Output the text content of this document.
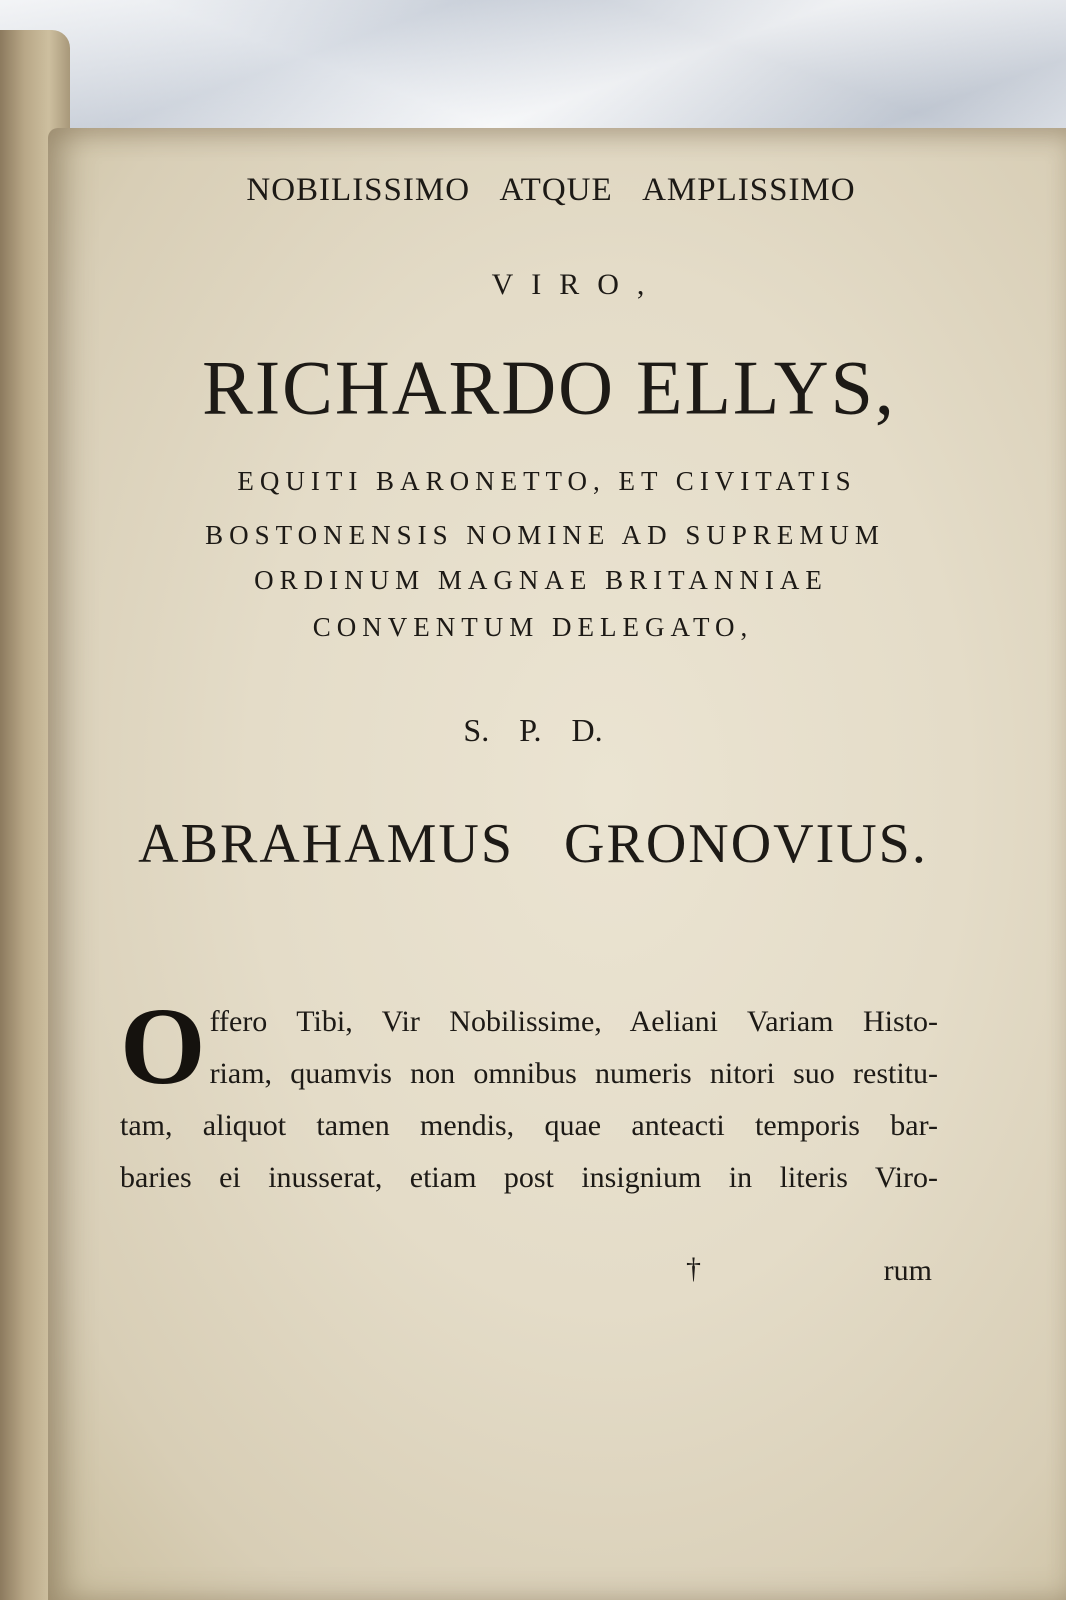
NOBILISSIMO ATQUE AMPLISSIMO
VIRO,
RICHARDO ELLYS,
EQUITI BARONETTO, ET CIVITATIS
BOSTONENSIS NOMINE AD SUPREMUM
ORDINUM MAGNAE BRITANNIAE
CONVENTUM DELEGATO,
S. P. D.
ABRAHAMUS GRONOVIUS.
O ffero Tibi, Vir Nobilissime, Aeliani Variam Histo-

riam, quamvis non omnibus numeris nitori suo restitu-

tam, aliquot tamen mendis, quae anteacti temporis bar-

baries ei inusserat, etiam post insignium in literis Viro-

†	rum
